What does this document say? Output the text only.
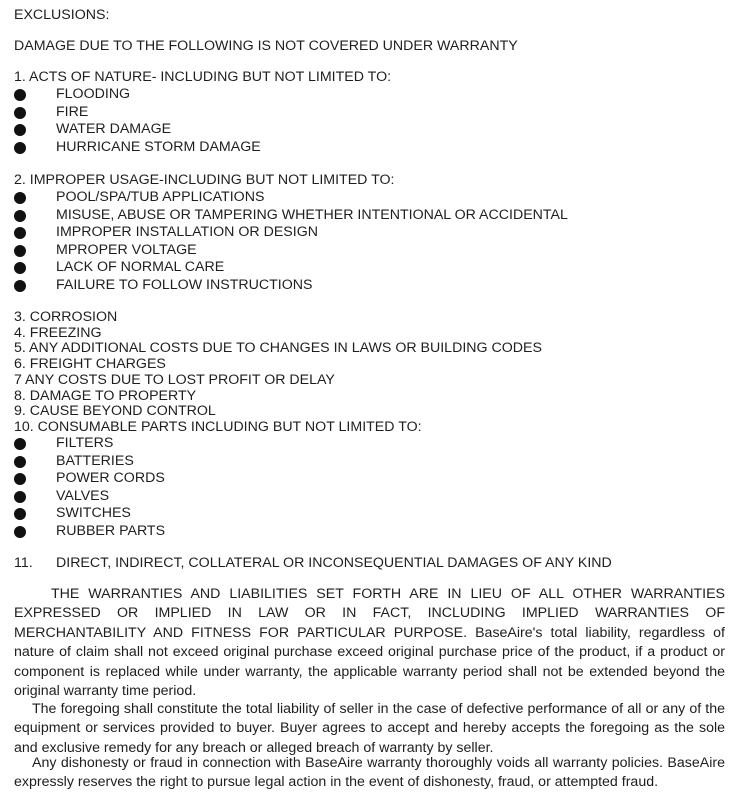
EXCLUSIONS:
DAMAGE DUE TO THE FOLLOWING IS NOT COVERED UNDER WARRANTY
1. ACTS OF NATURE- INCLUDING BUT NOT LIMITED TO:
FLOODING
FIRE
WATER DAMAGE
HURRICANE STORM DAMAGE
2. IMPROPER USAGE-INCLUDING BUT NOT LIMITED TO:
POOL/SPA/TUB APPLICATIONS
MISUSE, ABUSE OR TAMPERING WHETHER INTENTIONAL OR ACCIDENTAL
IMPROPER INSTALLATION OR DESIGN
MPROPER VOLTAGE
LACK OF NORMAL CARE
FAILURE TO FOLLOW INSTRUCTIONS
3. CORROSION
4. FREEZING
5. ANY ADDITIONAL COSTS DUE TO CHANGES IN LAWS OR BUILDING CODES
6. FREIGHT CHARGES
7 ANY COSTS DUE TO LOST PROFIT OR DELAY
8. DAMAGE TO PROPERTY
9. CAUSE BEYOND CONTROL
10. CONSUMABLE PARTS INCLUDING BUT NOT LIMITED TO:
FILTERS
BATTERIES
POWER CORDS
VALVES
SWITCHES
RUBBER PARTS
11. DIRECT, INDIRECT, COLLATERAL OR INCONSEQUENTIAL DAMAGES OF ANY KIND
THE WARRANTIES AND LIABILITIES SET FORTH ARE IN LIEU OF ALL OTHER WARRANTIES EXPRESSED OR IMPLIED IN LAW OR IN FACT, INCLUDING IMPLIED WARRANTIES OF MERCHANTABILITY AND FITNESS FOR PARTICULAR PURPOSE. BaseAire's total liability, regardless of nature of claim shall not exceed original purchase exceed original purchase price of the product, if a product or component is replaced while under warranty, the applicable warranty period shall not be extended beyond the original warranty time period.
The foregoing shall constitute the total liability of seller in the case of defective performance of all or any of the equipment or services provided to buyer. Buyer agrees to accept and hereby accepts the foregoing as the sole and exclusive remedy for any breach or alleged breach of warranty by seller.
Any dishonesty or fraud in connection with BaseAire warranty thoroughly voids all warranty policies. BaseAire expressly reserves the right to pursue legal action in the event of dishonesty, fraud, or attempted fraud.
